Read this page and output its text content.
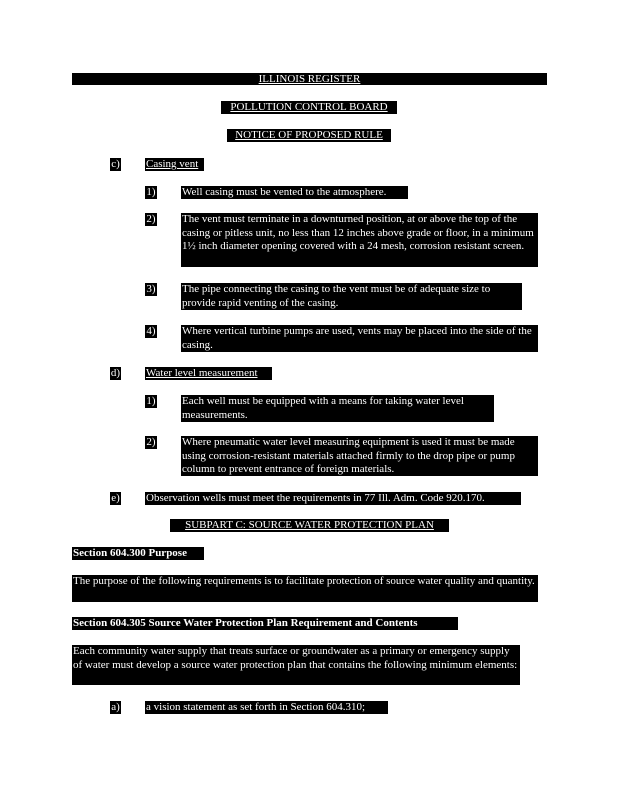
ILLINOIS REGISTER
POLLUTION CONTROL BOARD
NOTICE OF PROPOSED RULE
c) Casing vent
1) Well casing must be vented to the atmosphere.
2) The vent must terminate in a downturned position, at or above the top of the casing or pitless unit, no less than 12 inches above grade or floor, in a minimum 1½ inch diameter opening covered with a 24 mesh, corrosion resistant screen.
3) The pipe connecting the casing to the vent must be of adequate size to provide rapid venting of the casing.
4) Where vertical turbine pumps are used, vents may be placed into the side of the casing.
d) Water level measurement
1) Each well must be equipped with a means for taking water level measurements.
2) Where pneumatic water level measuring equipment is used it must be made using corrosion-resistant materials attached firmly to the drop pipe or pump column to prevent entrance of foreign materials.
e) Observation wells must meet the requirements in 77 Ill. Adm. Code 920.170.
SUBPART C: SOURCE WATER PROTECTION PLAN
Section 604.300 Purpose
The purpose of the following requirements is to facilitate protection of source water quality and quantity.
Section 604.305 Source Water Protection Plan Requirement and Contents
Each community water supply that treats surface or groundwater as a primary or emergency supply of water must develop a source water protection plan that contains the following minimum elements:
a) a vision statement as set forth in Section 604.310;
